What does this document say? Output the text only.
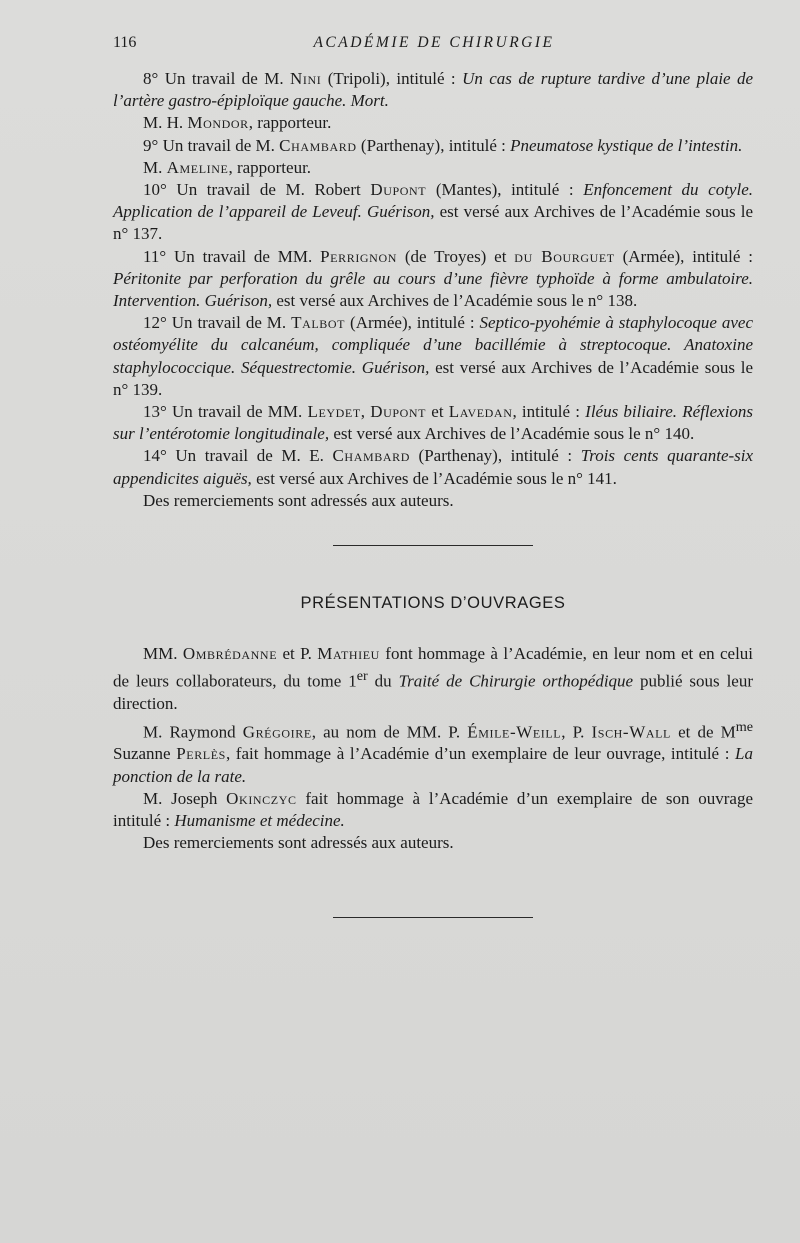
116	ACADÉMIE DE CHIRURGIE

8° Un travail de M. Nini (Tripoli), intitulé : Un cas de rupture tardive d’une plaie de l’artère gastro-épiploïque gauche. Mort.

M. H. Mondor, rapporteur.

9° Un travail de M. Chambard (Parthenay), intitulé : Pneumatose kystique de l’intestin.

M. Ameline, rapporteur.

10° Un travail de M. Robert Dupont (Mantes), intitulé : Enfoncement du cotyle. Application de l’appareil de Leveuf. Guérison, est versé aux Archives de l’Académie sous le n° 137.

11° Un travail de MM. Perrignon (de Troyes) et du Bourguet (Armée), intitulé : Péritonite par perforation du grêle au cours d’une fièvre typhoïde à forme ambulatoire. Intervention. Guérison, est versé aux Archives de l’Académie sous le n° 138.

12° Un travail de M. Talbot (Armée), intitulé : Septico-pyohémie à staphylocoque avec ostéomyélite du calcanéum, compliquée d’une bacillémie à streptocoque. Anatoxine staphylococcique. Séquestrectomie. Guérison, est versé aux Archives de l’Académie sous le n° 139.

13° Un travail de MM. Leydet, Dupont et Lavedan, intitulé : Iléus biliaire. Réflexions sur l’entérotomie longitudinale, est versé aux Archives de l’Académie sous le n° 140.

14° Un travail de M. E. Chambard (Parthenay), intitulé : Trois cents quarante-six appendicites aiguës, est versé aux Archives de l’Académie sous le n° 141.

Des remerciements sont adressés aux auteurs.

PRÉSENTATIONS D’OUVRAGES

MM. Ombrédanne et P. Mathieu font hommage à l’Académie, en leur nom et en celui de leurs collaborateurs, du tome 1er du Traité de Chirurgie orthopédique publié sous leur direction.

M. Raymond Grégoire, au nom de MM. P. Émile-Weill, P. Isch-Wall et de $M^{me}$ Suzanne Perlès, fait hommage à l’Académie d’un exemplaire de leur ouvrage, intitulé : La ponction de la rate.

M. Joseph Okinczyc fait hommage à l’Académie d’un exemplaire de son ouvrage intitulé : Humanisme et médecine.

Des remerciements sont adressés aux auteurs.
